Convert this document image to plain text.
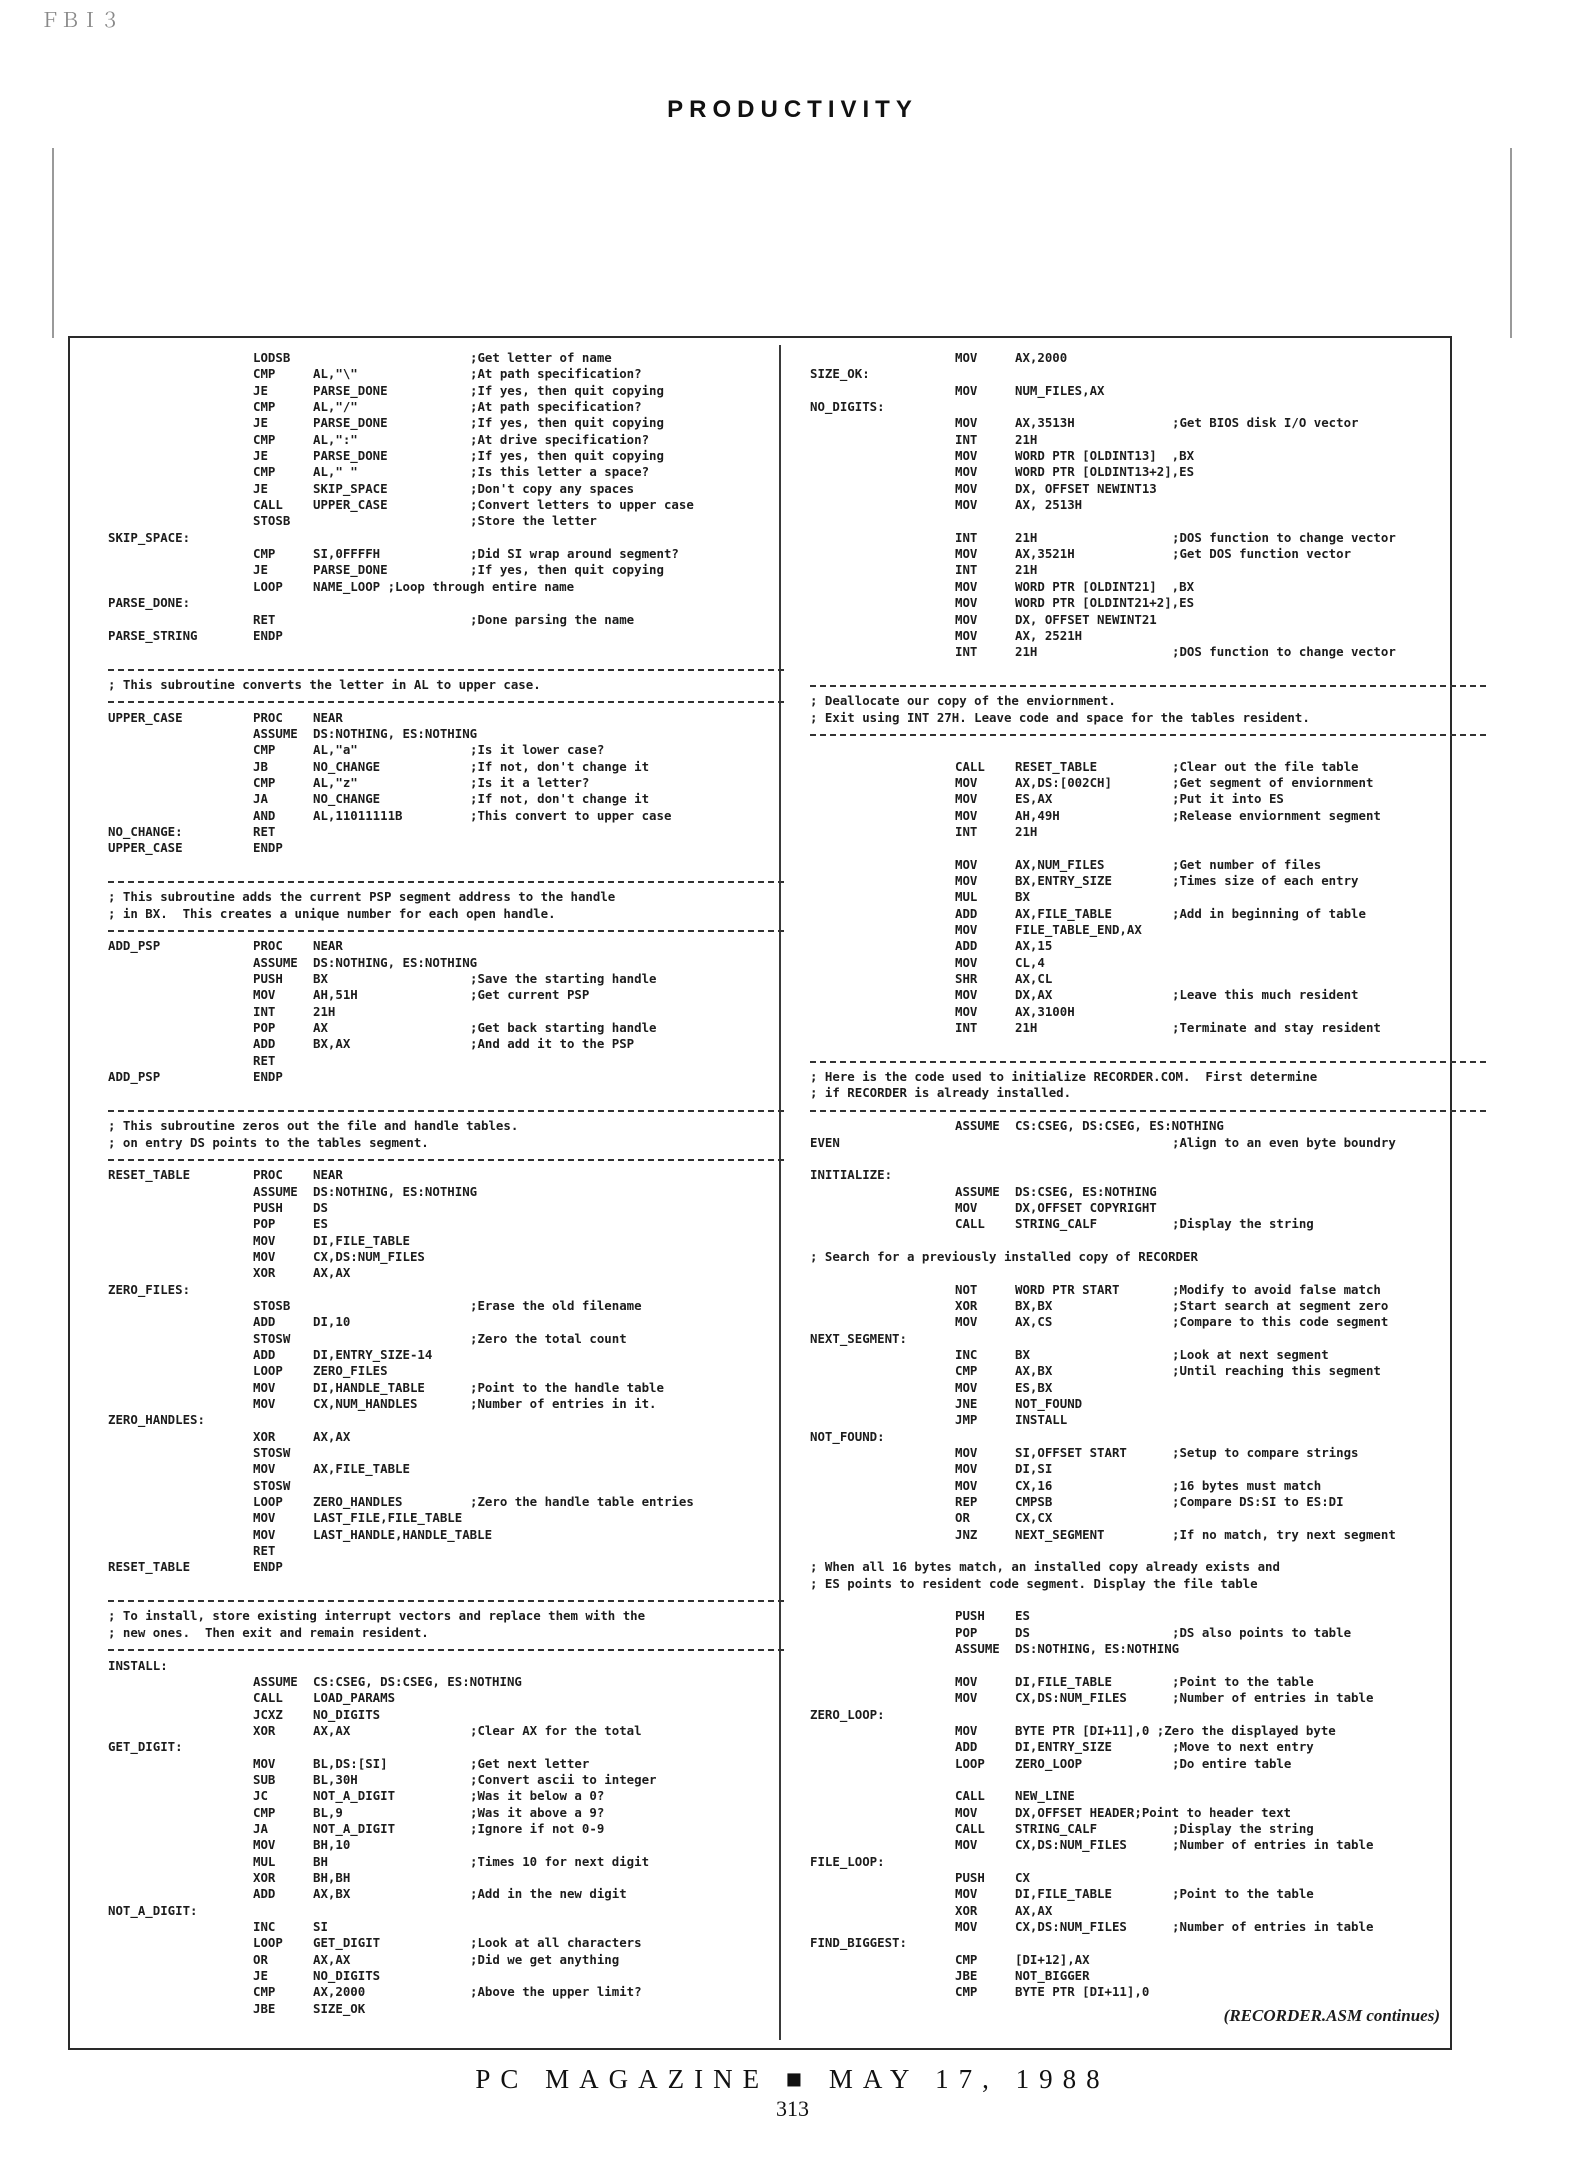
ＦＢＩ３
PRODUCTIVITY
LODSB	;Get letter of name
CMP	AL,"\"	;At path specification?
JE	PARSE_DONE	;If yes, then quit copying
CMP	AL,"/"	;At path specification?
JE	PARSE_DONE	;If yes, then quit copying
CMP	AL,":"	;At drive specification?
JE	PARSE_DONE	;If yes, then quit copying
CMP	AL," "	;Is this letter a space?
JE	SKIP_SPACE	;Don't copy any spaces
CALL UPPER_CASE	;Convert letters to upper case
STOSB	;Store the letter
SKIP_SPACE:
CMP	SI,0FFFFH	;Did SI wrap around segment?
JE	PARSE_DONE	;If yes, then quit copying
LOOP NAME_LOOP ;Loop through entire name
PARSE_DONE:
RET	;Done parsing the name
PARSE_STRING	ENDP
; This subroutine converts the letter in AL to upper case.
UPPER_CASE	PROC NEAR
ASSUME DS:NOTHING, ES:NOTHING
CMP	AL,"a"	;Is it lower case?
JB	NO_CHANGE	;If not, don't change it
CMP	AL,"z"	;Is it a letter?
JA	NO_CHANGE	;If not, don't change it
AND	AL,11011111B	;This convert to upper case
NO_CHANGE:	RET
UPPER_CASE	ENDP
; This subroutine adds the current PSP segment address to the handle
; in BX.  This creates a unique number for each open handle.
ADD_PSP	PROC NEAR
ASSUME DS:NOTHING, ES:NOTHING
PUSH BX	;Save the starting handle
MOV	AH,51H	;Get current PSP
INT	21H
POP	AX	;Get back starting handle
ADD	BX,AX	;And add it to the PSP
RET
ADD_PSP	ENDP
; This subroutine zeros out the file and handle tables.
; on entry DS points to the tables segment.
RESET_TABLE	PROC NEAR
ASSUME DS:NOTHING, ES:NOTHING
PUSH DS
POP	ES
MOV	DI,FILE_TABLE
MOV	CX,DS:NUM_FILES
XOR	AX,AX
ZERO_FILES:
STOSB	;Erase the old filename
ADD	DI,10
STOSW	;Zero the total count
ADD	DI,ENTRY_SIZE-14
LOOP ZERO_FILES
MOV	DI,HANDLE_TABLE	;Point to the handle table
MOV	CX,NUM_HANDLES	;Number of entries in it.
ZERO_HANDLES:
XOR	AX,AX
STOSW
MOV	AX,FILE_TABLE
STOSW
LOOP ZERO_HANDLES	;Zero the handle table entries
MOV	LAST_FILE,FILE_TABLE
MOV	LAST_HANDLE,HANDLE_TABLE
RET
RESET_TABLE	ENDP
; To install, store existing interrupt vectors and replace them with the
; new ones.  Then exit and remain resident.
INSTALL:
ASSUME CS:CSEG, DS:CSEG, ES:NOTHING
CALL LOAD_PARAMS
JCXZ NO_DIGITS
XOR	AX,AX	;Clear AX for the total
GET_DIGIT:
MOV	BL,DS:[SI]	;Get next letter
SUB	BL,30H	;Convert ascii to integer
JC	NOT_A_DIGIT	;Was it below a 0?
CMP	BL,9	;Was it above a 9?
JA	NOT_A_DIGIT	;Ignore if not 0-9
MOV	BH,10
MUL	BH	;Times 10 for next digit
XOR	BH,BH
ADD	AX,BX	;Add in the new digit
NOT_A_DIGIT:
INC	SI
LOOP GET_DIGIT	;Look at all characters
OR	AX,AX	;Did we get anything
JE	NO_DIGITS
CMP	AX,2000	;Above the upper limit?
JBE	SIZE_OK
MOV	AX,2000
SIZE_OK:
MOV	NUM_FILES,AX
NO_DIGITS:
MOV	AX,3513H	;Get BIOS disk I/O vector
INT	21H
MOV	WORD PTR [OLDINT13]  ,BX
MOV	WORD PTR [OLDINT13+2],ES
MOV	DX, OFFSET NEWINT13
MOV	AX, 2513H
INT	21H	;DOS function to change vector
MOV	AX,3521H	;Get DOS function vector
INT	21H
MOV	WORD PTR [OLDINT21]  ,BX
MOV	WORD PTR [OLDINT21+2],ES
MOV	DX, OFFSET NEWINT21
MOV	AX, 2521H
INT	21H	;DOS function to change vector
; Deallocate our copy of the enviornment.
; Exit using INT 27H. Leave code and space for the tables resident.
CALL RESET_TABLE	;Clear out the file table
MOV	AX,DS:[002CH]	;Get segment of enviornment
MOV	ES,AX	;Put it into ES
MOV	AH,49H	;Release enviornment segment
INT	21H
MOV	AX,NUM_FILES	;Get number of files
MOV	BX,ENTRY_SIZE	;Times size of each entry
MUL	BX
ADD	AX,FILE_TABLE	;Add in beginning of table
MOV	FILE_TABLE_END,AX
ADD	AX,15
MOV	CL,4
SHR	AX,CL
MOV	DX,AX	;Leave this much resident
MOV	AX,3100H
INT	21H	;Terminate and stay resident
; Here is the code used to initialize RECORDER.COM.  First determine
; if RECORDER is already installed.
ASSUME CS:CSEG, DS:CSEG, ES:NOTHING
EVEN	;Align to an even byte boundry
INITIALIZE:
ASSUME DS:CSEG, ES:NOTHING
MOV	DX,OFFSET COPYRIGHT
CALL STRING_CALF	;Display the string
; Search for a previously installed copy of RECORDER
NOT	WORD PTR START	;Modify to avoid false match
XOR	BX,BX	;Start search at segment zero
MOV	AX,CS	;Compare to this code segment
NEXT_SEGMENT:
INC	BX	;Look at next segment
CMP	AX,BX	;Until reaching this segment
MOV	ES,BX
JNE	NOT_FOUND
JMP	INSTALL
NOT_FOUND:
MOV	SI,OFFSET START	;Setup to compare strings
MOV	DI,SI
MOV	CX,16	;16 bytes must match
REP	CMPSB	;Compare DS:SI to ES:DI
OR	CX,CX
JNZ	NEXT_SEGMENT	;If no match, try next segment
; When all 16 bytes match, an installed copy already exists and
; ES points to resident code segment. Display the file table
PUSH ES
POP	DS	;DS also points to table
ASSUME DS:NOTHING, ES:NOTHING
MOV	DI,FILE_TABLE	;Point to the table
MOV	CX,DS:NUM_FILES	;Number of entries in table
ZERO_LOOP:
MOV	BYTE PTR [DI+11],0 ;Zero the displayed byte
ADD	DI,ENTRY_SIZE	;Move to next entry
LOOP ZERO_LOOP	;Do entire table
CALL NEW_LINE
MOV	DX,OFFSET HEADER;Point to header text
CALL STRING_CALF	;Display the string
MOV	CX,DS:NUM_FILES	;Number of entries in table
FILE_LOOP:
PUSH CX
MOV	DI,FILE_TABLE	;Point to the table
XOR	AX,AX
MOV	CX,DS:NUM_FILES	;Number of entries in table
FIND_BIGGEST:
CMP	[DI+12],AX
JBE	NOT_BIGGER
CMP	BYTE PTR [DI+11],0
(RECORDER.ASM continues)
PC MAGAZINE ■ MAY 17, 1988
313
